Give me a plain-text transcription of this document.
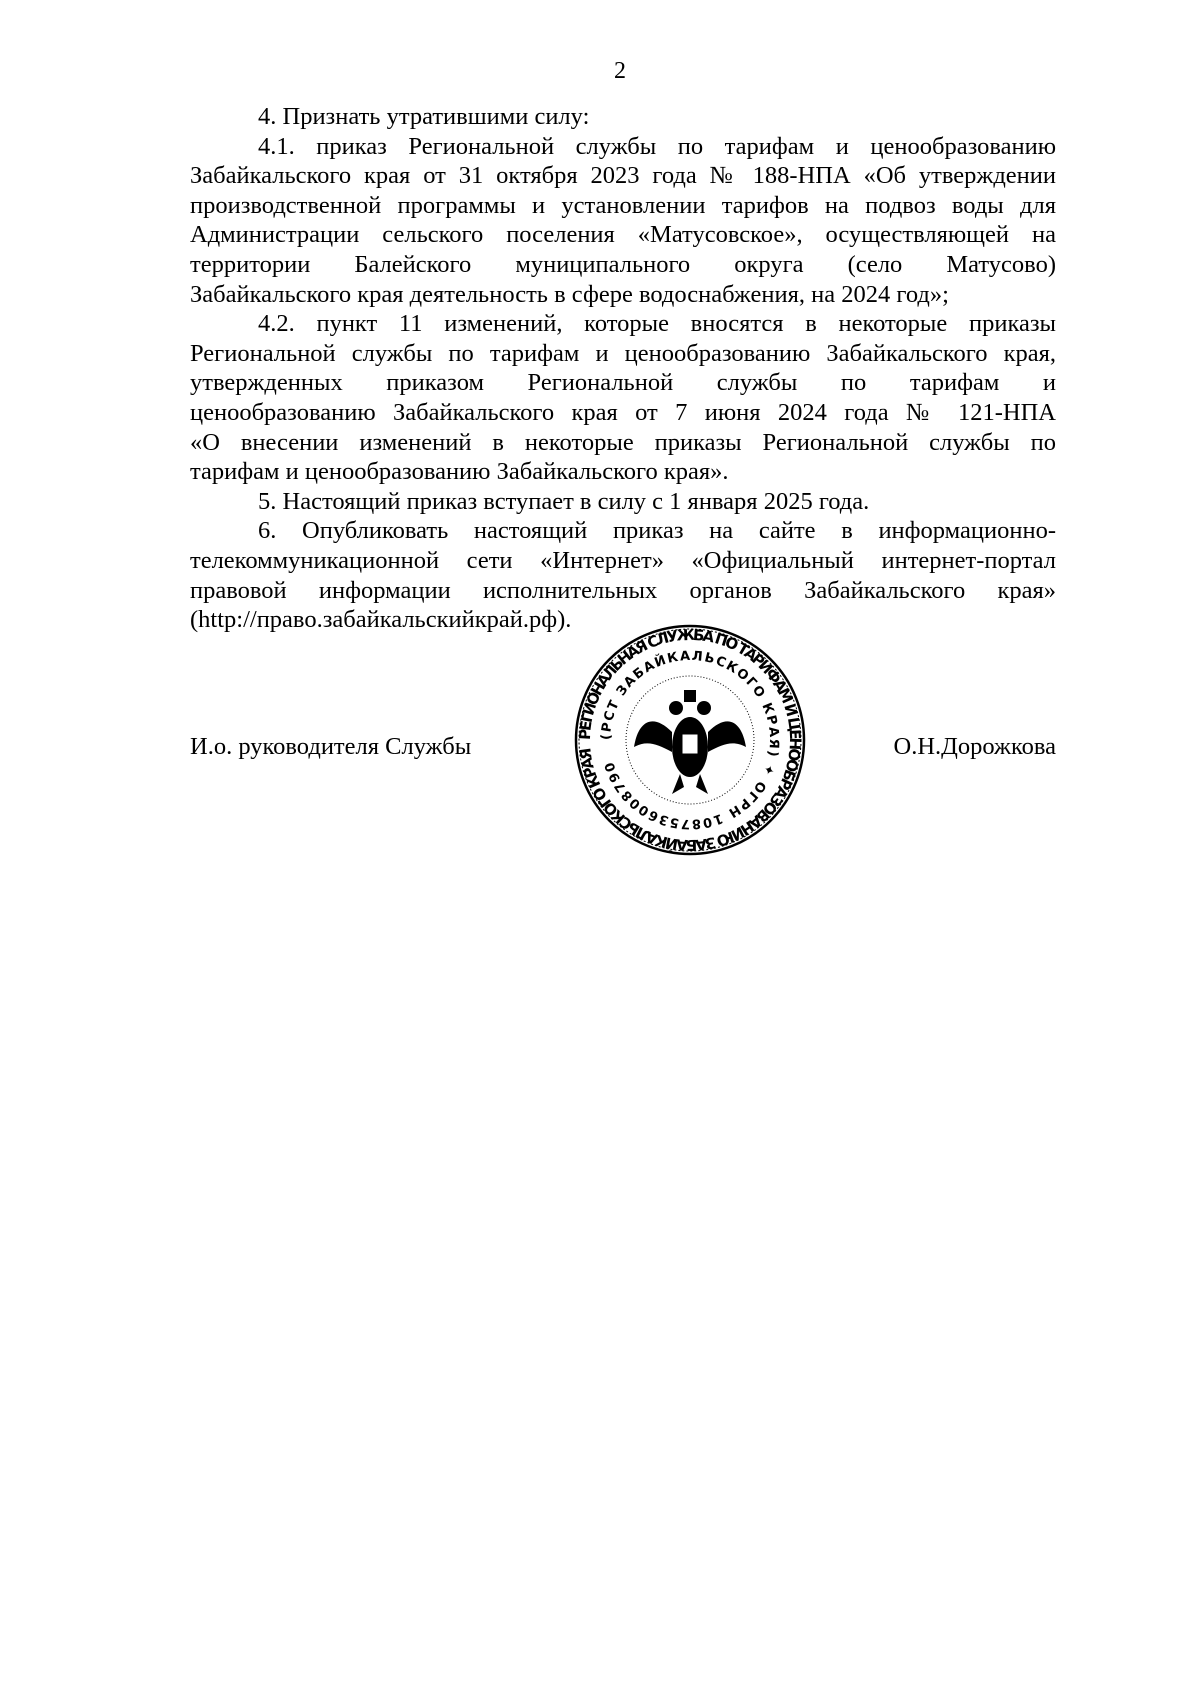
2
4. Признать утратившими силу:
4.1. приказ Региональной службы по тарифам и ценообразованию
Забайкальского края от 31 октября 2023 года № 188-НПА «Об утверждении
производственной программы и установлении тарифов на подвоз воды для
Администрации сельского поселения «Матусовское», осуществляющей на
территории Балейского муниципального округа (село Матусово)
Забайкальского края деятельность в сфере водоснабжения, на 2024 год»;
4.2. пункт 11 изменений, которые вносятся в некоторые приказы
Региональной службы по тарифам и ценообразованию Забайкальского края,
утвержденных приказом Региональной службы по тарифам и
ценообразованию Забайкальского края от 7 июня 2024 года № 121-НПА
«О внесении изменений в некоторые приказы Региональной службы по
тарифам и ценообразованию Забайкальского края».
5. Настоящий приказ вступает в силу с 1 января 2025 года.
6. Опубликовать настоящий приказ на сайте в информационно-
телекоммуникационной сети «Интернет» «Официальный интернет-портал
правовой информации исполнительных органов Забайкальского края»
(http://право.забайкальскийкрай.рф).
РЕГИОНАЛЬНАЯ СЛУЖБА ПО ТАРИФАМ И ЦЕНООБРАЗОВАНИЮ ЗАБАЙКАЛЬСКОГО КРАЯ
(РСТ ЗАБАЙКАЛЬСКОГО КРАЯ) ✦ ОГРН 1087536008790
И.о. руководителя Службы	О.Н.Дорожкова
